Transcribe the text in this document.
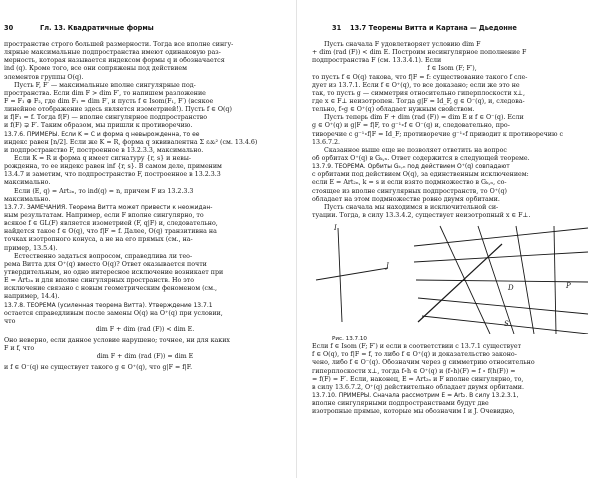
30	Гл. 13. Квадратичные формы
пространстве строго большей размерности. Тогда все вполне сингу-
лярные максимальные подпространства имеют одинаковую раз-
мерность, которая называется индексом формы q и обозначается
ind (q). Кроме того, все они сопряжены под действием
элементов группы O(q).
Пусть F, F′ — максимальные вполне сингулярные под-
пространства. Если dim F > dim F′, то напишем разложение
F = F₁ ⊕ F₂, где dim F₁ = dim F′, и пусть f ∈ Isom(F₁, F′) (всякое
линейное отображение здесь является изометрией!). Пусть f̄ ∈ O(q)
и f̄|F₁ = f. Тогда f̄(F) — вполне сингулярное подпространство
и f̄(F) ⊋ F′. Таким образом, мы пришли к противоречию.
13.7.6. ПРИМЕРЫ. Если K = C и форма q невырожденна, то ее
индекс равен [n/2]. Если же K = R, форма q эквивалентна Σ εᵢxᵢ² (см. 13.4.6)
и подпространство F, построенное в 13.2.3.3, максимально.
Если K = R и форма q имеет сигнатуру {r, s} и невы-
рожденна, то ее индекс равен inf {r, s}. В самом деле, применим
13.4.7 и заметим, что подпространство F, построенное в 13.2.3.3
максимально.
Если (E, q) = Art₂ₙ, то ind(q) = n, причем F из 13.2.3.3
максимально.
13.7.7. ЗАМЕЧАНИЯ. Теорема Витта может привести к неожидан-
ным результатам. Например, если F вполне сингулярно, то
всякое f ∈ GL(F) является изометрией (F, q|F) и, следовательно,
найдется такое f̄ ∈ O(q), что f̄|F = f. Далее, O(q) транзитивна на
точках изотропного конуса, а не на его прямых (см., на-
пример, 13.5.4).
Естественно задаться вопросом, справедлива ли тео-
рема Витта для O⁺(q) вместо O(q)? Ответ оказывается почти
утвердительным, но одно интересное исключение возникает при
E = Art₂ₙ и для вполне сингулярных пространств. Но это
исключение связано с новым геометрическим феноменом (см.,
например, 14.4).
13.7.8. ТЕОРЕМА (усиленная теорема Витта). Утверждение 13.7.1
остается справедливым после замены O(q) на O⁺(q) при условии,
что
dim F + dim (rad (F)) < dim E.
Оно неверно, если данное условие нарушено; точнее, ни для каких
F и f, что
dim F + dim (rad (F)) = dim E
и f̄ ∈ O⁻(q) не существует такого g ∈ O⁺(q), что g|F = f̄|F.
31 13.7 Теоремы Витта и Картана — Дьедонне
Пусть сначала F удовлетворяет условию dim F
+ dim (rad (F)) < dim E. Построим несингулярное пополнение F̃
подпространства F (см. 13.3.4.1). Если
f ∈ Isom (F; F′),
то пусть f̄ ∈ O(q) такова, что f̄|F = f: существование такого f̄ сле-
дует из 13.7.1. Если f̄ ∈ O⁺(q), то все доказано; если же это не
так, то пусть g — симметрия относительно гиперплоскости x⊥,
где x ∈ F̃⊥ неизотропен. Тогда g|F = Id_F, g ∈ O⁻(q), и, следова-
тельно, f∘g ∈ O⁺(q) обладает нужным свойством.
Пусть теперь dim F + dim (rad (F)) = dim E и f̄ ∈ O⁻(q). Если
g ∈ O⁺(q) и g|F = f̄|F, то g⁻¹∘f̄ ∈ O⁻(q) и, следовательно, про-
тиворечие с g⁻¹∘f̄|F = Id_F; противоречие g⁻¹∘f̄ приводит к противоречию с
13.6.7.2.
Сказанное выше еще не позволяет ответить на вопрос
об орбитах O⁺(q) в Gₖ,ₙ. Ответ содержится в следующей теореме.
13.7.9. ТЕОРЕМА. Орбиты Gₖ,ₙ под действием O⁺(q) совпадают
с орбитами под действием O(q), за единственным исключением:
если E = Art₂ₙ, k = s и если взято подмножество в Gₖ,ₙ, со-
стоящее из вполне сингулярных подпространств, то O⁺(q)
обладает на этом подмножестве ровно двумя орбитами.
Пусть сначала мы находимся в исключительной си-
туации. Тогда, в силу 13.3.4.2, существует неизотропный x ∈ F̃⊥.
I
J
D	P
S
Рис. 13.7.10
Если f̄ ∈ Isom (F; F′) и если в соответствии с 13.7.1 существует
f̄ ∈ O(q), то f̄|F = f, то либо f̄ ∈ O⁺(q) и доказательство законо-
чено, либо f̄ ∈ O⁻(q). Обозначим через g симметрию относительно
гиперплоскости x⊥, тогда f∘h ∈ O⁺(q) и (f∘h)(F) = f̄ ∘ f̄(h(F)) =
= f̄(F) = F′. Если, наконец, E = Art₂ₙ и F вполне сингулярно, то,
в силу 13.6.7.2, O⁺(q) действительно обладает двумя орбитами.
13.7.10. ПРИМЕРЫ. Сначала рассмотрим E = Art₂. В силу 13.2.3.1,
вполне сингулярными подпространствами будут две
изотропные прямые, которые мы обозначим I и J. Очевидно,
